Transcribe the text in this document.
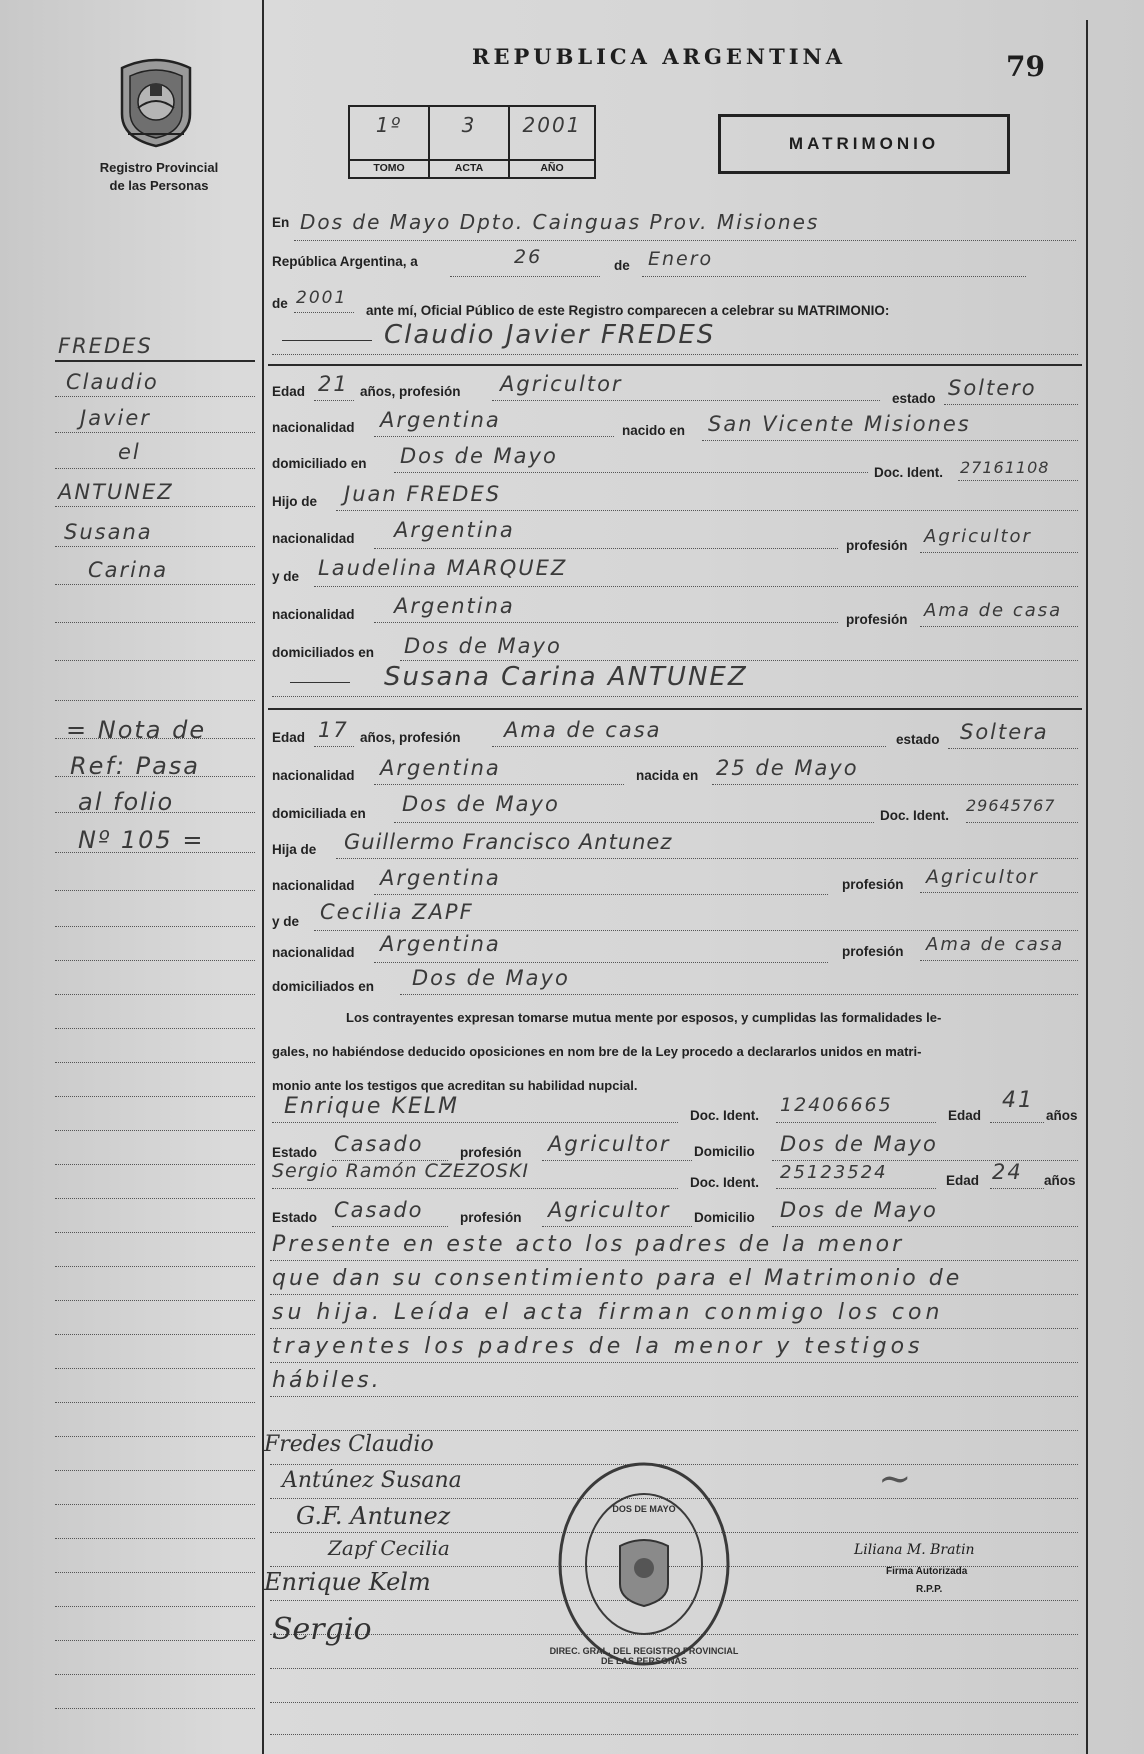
Registro Provincial
de las Personas
REPUBLICA ARGENTINA	79
1º
TOMO
3
ACTA
2001
AÑO
MATRIMONIO
En Dos de Mayo Dpto. Cainguas Prov. Misiones
República Argentina, a	26	de Enero
de 2001
ante mí, Oficial Público de este Registro comparecen a celebrar su MATRIMONIO:
Claudio Javier FREDES
Edad 21 años, profesión Agricultor
estado Soltero
nacionalidad Argentina	nacido en San Vicente Misiones
domiciliado en Dos de Mayo
Doc. Ident. 27161108
Hijo de Juan FREDES
nacionalidad Argentina
profesión Agricultor
y de Laudelina MARQUEZ
nacionalidad Argentina
profesión Ama de casa
domiciliados en Dos de Mayo
Susana Carina ANTUNEZ
Edad 17 años, profesión Ama de casa	estado Soltera
nacionalidad Argentina	nacida en 25 de Mayo
domiciliada en Dos de Mayo	Doc. Ident.
29645767
Hija de Guillermo Francisco Antunez
nacionalidad Argentina	profesión Agricultor
y de Cecilia ZAPF
nacionalidad Argentina	profesión Ama de casa
domiciliados en Dos de Mayo
Los contrayentes expresan tomarse mutua mente por esposos, y cumplidas las formalidades le-
gales, no habiéndose deducido oposiciones en nom bre de la Ley procedo a declararlos unidos en matri-
monio ante los testigos que acreditan su habilidad nupcial.
Enrique KELM	Doc. Ident. 12406665	Edad
41
años
Estado Casado	profesión Agricultor Domicilio Dos de Mayo
Sergio Ramón CZEZOSKI
Doc. Ident. 25123524	Edad 24 años
Estado Casado	profesión Agricultor Domicilio Dos de Mayo
Presente en este acto los padres de la menor
que dan su consentimiento para el Matrimonio de
su hija. Leída el acta firman conmigo los con
trayentes los padres de la menor y testigos
hábiles.
Fredes Claudio
Antúnez Susana
G.F. Antunez
Zapf Cecilia
Enrique Kelm
Sergio
DIREC. GRAL. DEL REGISTRO PROVINCIAL DE LAS PERSONAS
DOS DE MAYO
~
Liliana M. Bratin
Firma Autorizada
R.P.P.
FREDES
Claudio
Javier
el
ANTUNEZ
Susana
Carina
= Nota de
Ref: Pasa
al folio
Nº 105 =
